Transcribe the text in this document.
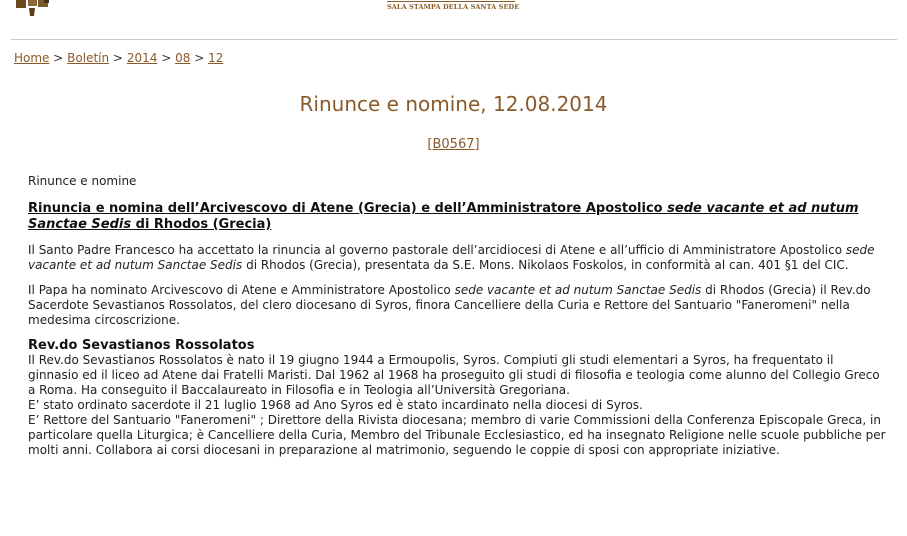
SALA STAMPA DELLA SANTA SEDE
Home > Boletín > 2014 > 08 > 12
Rinunce e nomine, 12.08.2014
[B0567]
Rinunce e nomine
Rinuncia e nomina dell’Arcivescovo di Atene (Grecia) e dell’Amministratore Apostolico sede vacante et ad nutum Sanctae Sedis di Rhodos (Grecia)

Il Santo Padre Francesco ha accettato la rinuncia al governo pastorale dell’arcidiocesi di Atene e all’ufficio di Amministratore Apostolico sede vacante et ad nutum Sanctae Sedis di Rhodos (Grecia), presentata da S.E. Mons. Nikolaos Foskolos, in conformità al can. 401 §1 del CIC.

Il Papa ha nominato Arcivescovo di Atene e Amministratore Apostolico sede vacante et ad nutum Sanctae Sedis di Rhodos (Grecia) il Rev.do Sacerdote Sevastianos Rossolatos, del clero diocesano di Syros, finora Cancelliere della Curia e Rettore del Santuario "Faneromeni" nella medesima circoscrizione.

Rev.do Sevastianos Rossolatos

Il Rev.do Sevastianos Rossolatos è nato il 19 giugno 1944 a Ermoupolis, Syros. Compiuti gli studi elementari a Syros, ha frequentato il ginnasio ed il liceo ad Atene dai Fratelli Maristi. Dal 1962 al 1968 ha proseguito gli studi di filosofia e teologia come alunno del Collegio Greco a Roma. Ha conseguito il Baccalaureato in Filosofia e in Teologia all’Università Gregoriana.

E’ stato ordinato sacerdote il 21 luglio 1968 ad Ano Syros ed è stato incardinato nella diocesi di Syros.

E’ Rettore del Santuario "Faneromeni" ; Direttore della Rivista diocesana; membro di varie Commissioni della Conferenza Episcopale Greca, in particolare quella Liturgica; è Cancelliere della Curia, Membro del Tribunale Ecclesiastico, ed ha insegnato Religione nelle scuole pubbliche per molti anni. Collabora ai corsi diocesani in preparazione al matrimonio, seguendo le coppie di sposi con appropriate iniziative.
